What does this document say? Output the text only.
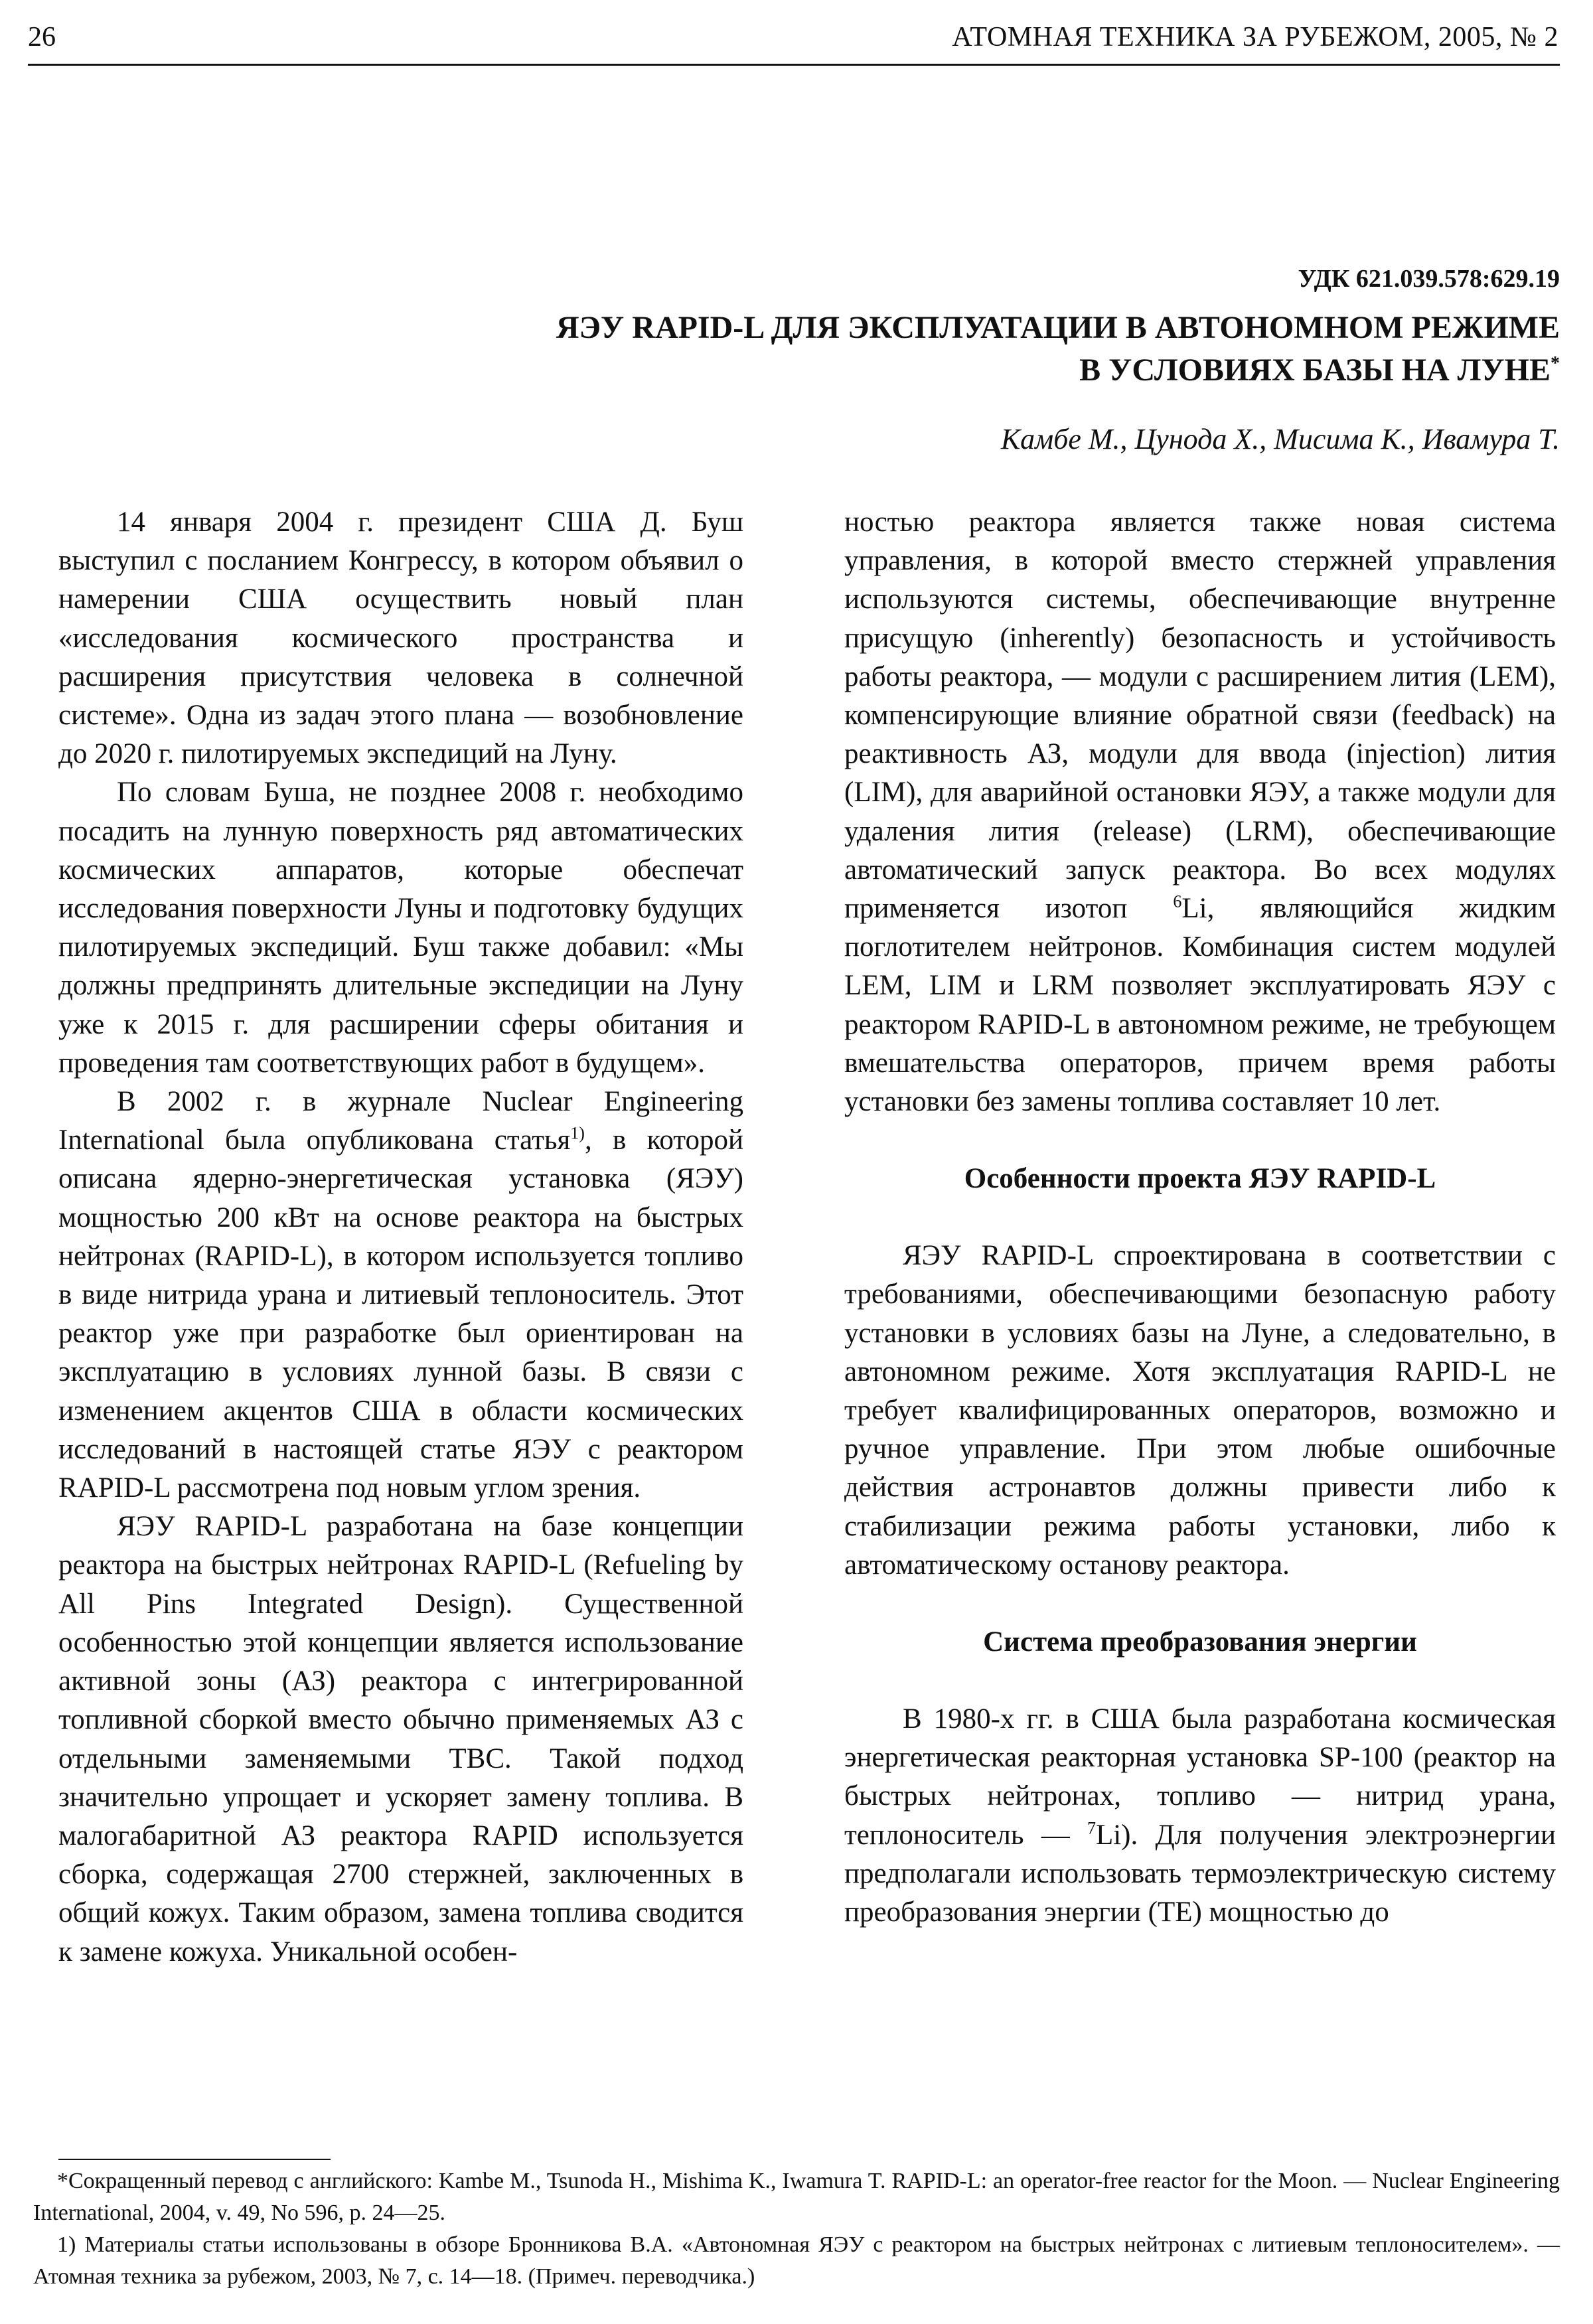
26	АТОМНАЯ ТЕХНИКА ЗА РУБЕЖОМ, 2005, № 2
УДК 621.039.578:629.19
ЯЭУ RAPID-L ДЛЯ ЭКСПЛУАТАЦИИ В АВТОНОМНОМ РЕЖИМЕ
В УСЛОВИЯХ БАЗЫ НА ЛУНЕ*
Камбе М., Цунода Х., Мисима К., Ивамура Т.

14 января 2004 г. президент США Д. Буш выступил с посланием Конгрессу, в котором объявил о намерении США осуществить новый план «исследования космического пространства и расширения присутствия человека в солнечной системе». Одна из задач этого плана — возобновление до 2020 г. пилотируемых экспедиций на Луну.

По словам Буша, не позднее 2008 г. необходимо посадить на лунную поверхность ряд автоматических космических аппаратов, которые обеспечат исследования поверхности Луны и подготовку будущих пилотируемых экспедиций. Буш также добавил: «Мы должны предпринять длительные экспедиции на Луну уже к 2015 г. для расширении сферы обитания и проведения там соответствующих работ в будущем».

В 2002 г. в журнале Nuclear Engineering International была опубликована статья$^{1)}$, в которой описана ядерно-энергетическая установка (ЯЭУ) мощностью 200 кВт на основе реактора на быстрых нейтронах (RAPID-L), в котором используется топливо в виде нитрида урана и литиевый теплоноситель. Этот реактор уже при разработке был ориентирован на эксплуатацию в условиях лунной базы. В связи с изменением акцентов США в области космических исследований в настоящей статье ЯЭУ с реактором RAPID-L рассмотрена под новым углом зрения.

ЯЭУ RAPID-L разработана на базе концепции реактора на быстрых нейтронах RAPID-L (Refueling by All Pins Integrated Design). Существенной особенностью этой концепции является использование активной зоны (АЗ) реактора с интегрированной топливной сборкой вместо обычно применяемых АЗ с отдельными заменяемыми ТВС. Такой подход значительно упрощает и ускоряет замену топлива. В малогабаритной АЗ реактора RAPID используется сборка, содержащая 2700 стержней, заключенных в общий кожух. Таким образом, замена топлива сводится к замене кожуха. Уникальной особен-

ностью реактора является также новая система управления, в которой вместо стержней управления используются системы, обеспечивающие внутренне присущую (inherently) безопасность и устойчивость работы реактора, — модули с расширением лития (LEM), компенсирующие влияние обратной связи (feedback) на реактивность АЗ, модули для ввода (injection) лития (LIM), для аварийной остановки ЯЭУ, а также модули для удаления лития (release) (LRM), обеспечивающие автоматический запуск реактора. Во всех модулях применяется изотоп $^6$Li, являющийся жидким поглотителем нейтронов. Комбинация систем модулей LEM, LIM и LRM позволяет эксплуатировать ЯЭУ с реактором RAPID-L в автономном режиме, не требующем вмешательства операторов, причем время работы установки без замены топлива составляет 10 лет.

Особенности проекта ЯЭУ RAPID-L

ЯЭУ RAPID-L спроектирована в соответствии с требованиями, обеспечивающими безопасную работу установки в условиях базы на Луне, а следовательно, в автономном режиме. Хотя эксплуатация RAPID-L не требует квалифицированных операторов, возможно и ручное управление. При этом любые ошибочные действия астронавтов должны привести либо к стабилизации режима работы установки, либо к автоматическому останову реактора.

Система преобразования энергии

В 1980-х гг. в США была разработана космическая энергетическая реакторная установка SP-100 (реактор на быстрых нейтронах, топливо — нитрид урана, теплоноситель — $^7$Li). Для получения электроэнергии предполагали использовать термоэлектрическую систему преобразования энергии (ТЕ) мощностью до

*Сокращенный перевод с английского: Kambe M., Tsunoda H., Mishima K., Iwamura T. RAPID-L: an operator-free reactor for the Moon. — Nuclear Engineering International, 2004, v. 49, No 596, p. 24—25.

1) Материалы статьи использованы в обзоре Бронникова В.А. «Автономная ЯЭУ с реактором на быстрых нейтронах с литиевым теплоносителем». — Атомная техника за рубежом, 2003, № 7, с. 14—18. (Примеч. переводчика.)
